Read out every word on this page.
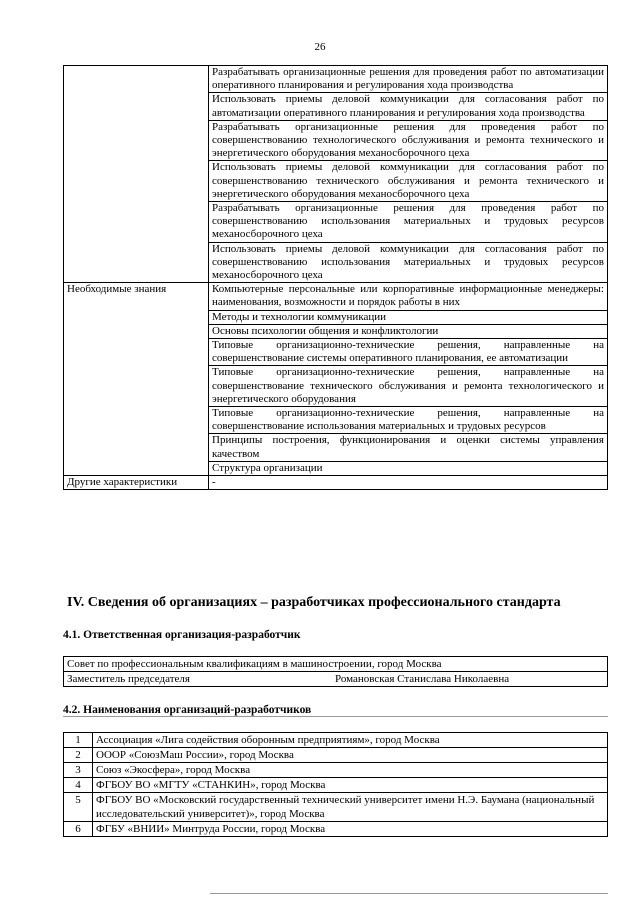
26
	Разрабатывать организационные решения для проведения работ по автоматизации оперативного планирования и регулирования хода производства
	Использовать приемы деловой коммуникации для согласования работ по автоматизации оперативного планирования и регулирования хода производства
	Разрабатывать организационные решения для проведения работ по совершенствованию технологического обслуживания и ремонта технического и энергетического оборудования механосборочного цеха
	Использовать приемы деловой коммуникации для согласования работ по совершенствованию технического обслуживания и ремонта технического и энергетического оборудования механосборочного цеха
	Разрабатывать организационные решения для проведения работ по совершенствованию использования материальных и трудовых ресурсов механосборочного цеха
	Использовать приемы деловой коммуникации для согласования работ по совершенствованию использования материальных и трудовых ресурсов механосборочного цеха
Необходимые знания	Компьютерные персональные или корпоративные информационные менеджеры: наименования, возможности и порядок работы в них
	Методы и технологии коммуникации
	Основы психологии общения и конфликтологии
	Типовые организационно-технические решения, направленные на совершенствование системы оперативного планирования, ее автоматизации
	Типовые организационно-технические решения, направленные на совершенствование технического обслуживания и ремонта технологического и энергетического оборудования
	Типовые организационно-технические решения, направленные на совершенствование использования материальных и трудовых ресурсов
	Принципы построения, функционирования и оценки системы управления качеством
	Структура организации
Другие характеристики	-
IV. Сведения об организациях – разработчиках профессионального стандарта
4.1. Ответственная организация-разработчик
Совет по профессиональным квалификациям в машиностроении, город Москва

Заместитель председателя	Романовская Станислава Николаевна
4.2. Наименования организаций-разработчиков
1	Ассоциация «Лига содействия оборонным предприятиям», город Москва
2	ОООР «СоюзМаш России», город Москва
3	Союз «Экосфера», город Москва
4	ФГБОУ ВО «МГТУ «СТАНКИН», город Москва
5	ФГБОУ ВО «Московский государственный технический университет имени Н.Э. Баумана (национальный исследовательский университет)», город Москва
6	ФГБУ «ВНИИ» Минтруда России, город Москва
